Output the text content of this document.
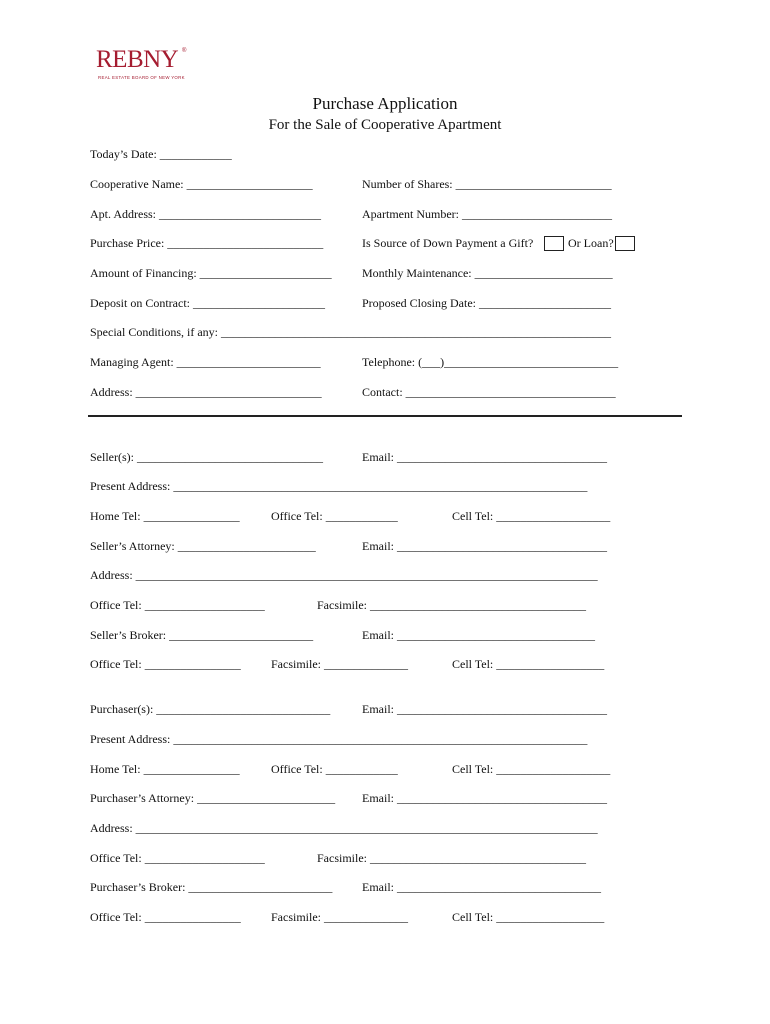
REBNY ®
REAL ESTATE BOARD OF NEW YORK
Purchase Application
For the Sale of Cooperative Apartment
Today’s Date: ____________
Cooperative Name: _____________________	Number of Shares: __________________________
Apt. Address: ___________________________	Apartment Number: _________________________
Purchase Price: __________________________	Is Source of Down Payment a Gift?	Or Loan?
Amount of Financing: ______________________	Monthly Maintenance: _______________________
Deposit on Contract: ______________________	Proposed Closing Date: ______________________
Special Conditions, if any: _________________________________________________________________
Managing Agent: ________________________	Telephone: (___)_____________________________
Address: _______________________________	Contact: ___________________________________
Seller(s): _______________________________	Email: ___________________________________
Present Address: _____________________________________________________________________
Home Tel: ________________	Office Tel: ____________	Cell Tel: ___________________
Seller’s Attorney: _______________________	Email: ___________________________________
Address: _____________________________________________________________________________
Office Tel: ____________________	Facsimile: ____________________________________
Seller’s Broker: ________________________	Email: _________________________________
Office Tel: ________________	Facsimile: ______________	Cell Tel: __________________
Purchaser(s): _____________________________	Email: ___________________________________
Present Address: _____________________________________________________________________
Home Tel: ________________	Office Tel: ____________	Cell Tel: ___________________
Purchaser’s Attorney: _______________________ Email: ___________________________________
Address: _____________________________________________________________________________
Office Tel: ____________________	Facsimile: ____________________________________
Purchaser’s Broker: ________________________ Email: __________________________________
Office Tel: ________________	Facsimile: ______________	Cell Tel: __________________
